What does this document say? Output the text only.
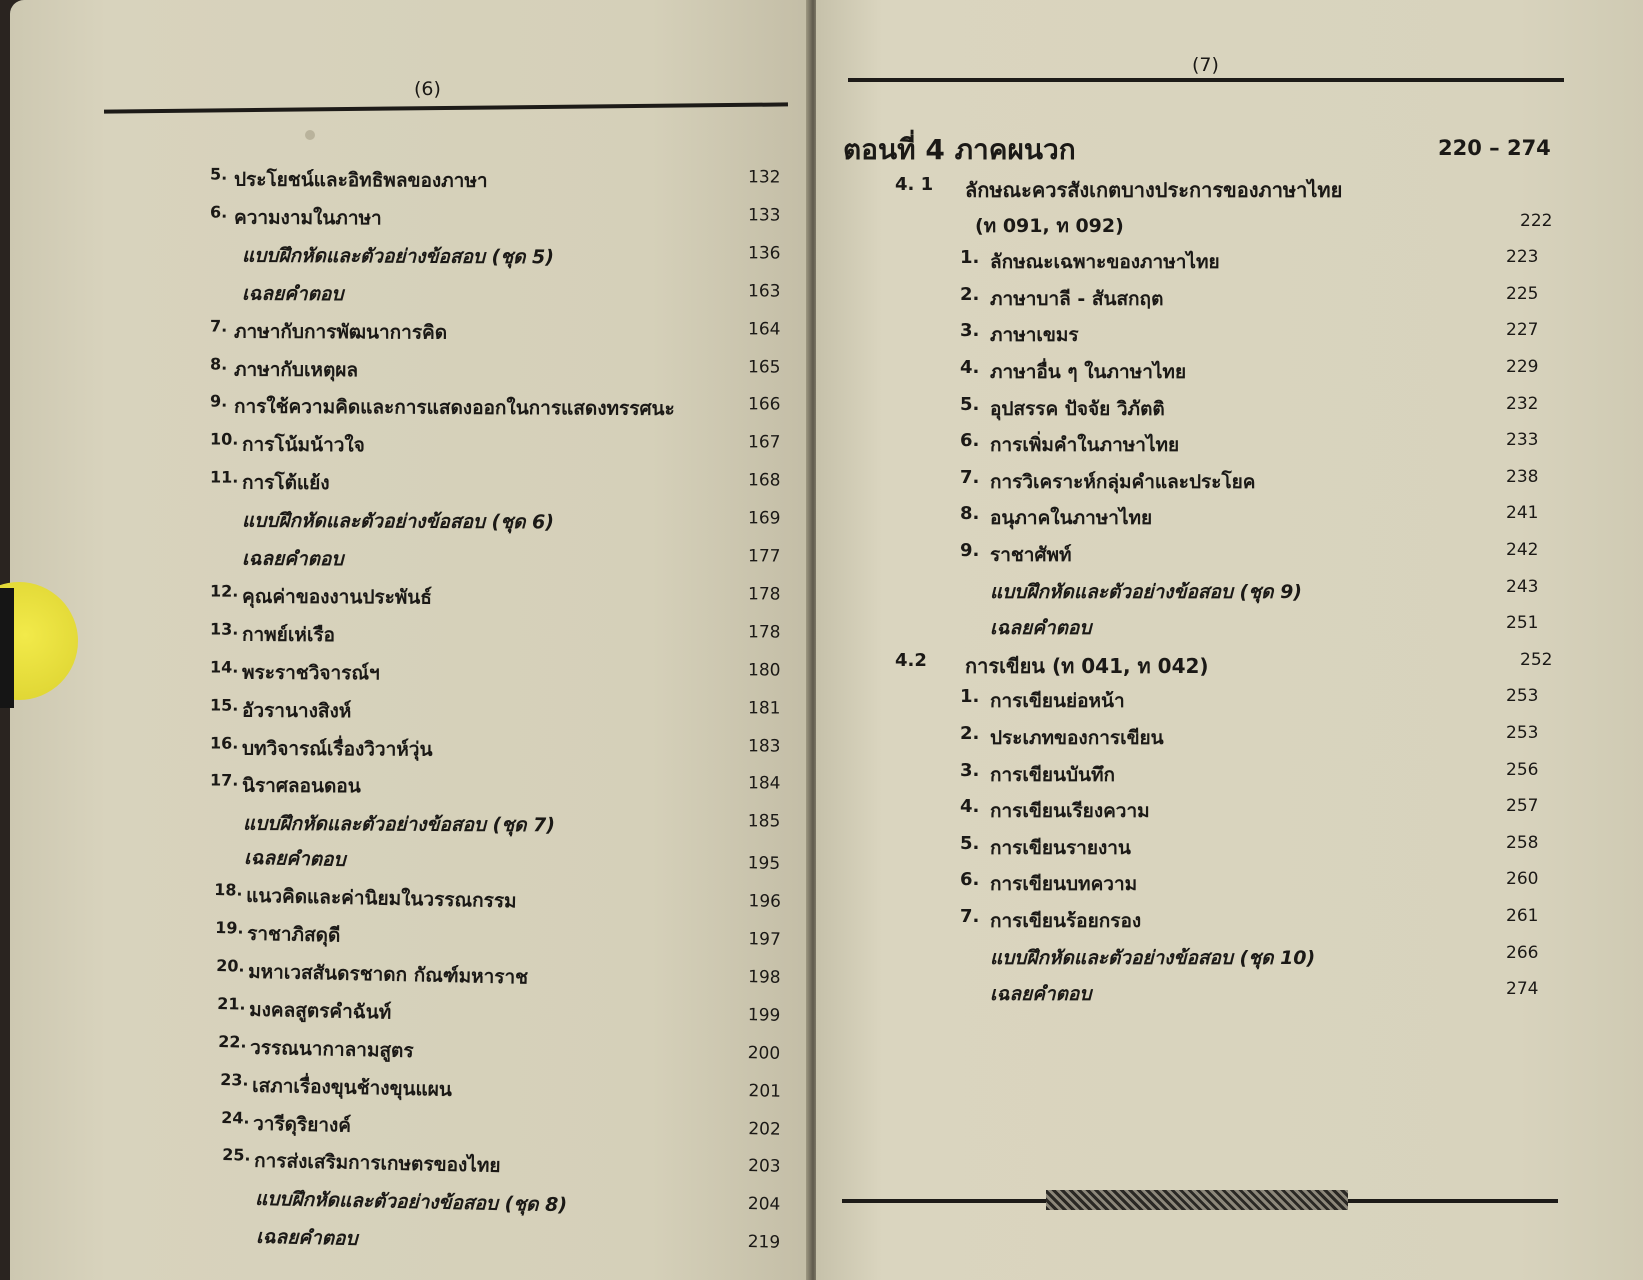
(6)
5. ประโยชน์และอิทธิพลของภาษา	132
6. ความงามในภาษา	133
แบบฝึกหัดและตัวอย่างข้อสอบ (ชุด 5)	136
เฉลยคำตอบ	163
7. ภาษากับการพัฒนาการคิด	164
8. ภาษากับเหตุผล	165
9. การใช้ความคิดและการแสดงออกในการแสดงทรรศนะ	166
10. การโน้มน้าวใจ	167
11. การโต้แย้ง	168
แบบฝึกหัดและตัวอย่างข้อสอบ (ชุด 6)	169
เฉลยคำตอบ	177
12. คุณค่าของงานประพันธ์	178
13. กาพย์เห่เรือ	178
14. พระราชวิจารณ์ฯ	180
15. อัวรานางสิงห์	181
16. บทวิจารณ์เรื่องวิวาห์วุ่น	183
17. นิราศลอนดอน	184
แบบฝึกหัดและตัวอย่างข้อสอบ (ชุด 7)	185
เฉลยคำตอบ	195
18. แนวคิดและค่านิยมในวรรณกรรม	196
19. ราชาภิสดุดี	197
20. มหาเวสสันดรชาดก กัณฑ์มหาราช	198
21. มงคลสูตรคำฉันท์	199
22. วรรณนากาลามสูตร	200
23. เสภาเรื่องขุนช้างขุนแผน	201
24. วารีดุริยางค์	202
25. การส่งเสริมการเกษตรของไทย	203
แบบฝึกหัดและตัวอย่างข้อสอบ (ชุด 8)	204
เฉลยคำตอบ	219
(7)
ตอนที่ 4 ภาคผนวก	220 – 274
4. 1 ลักษณะควรสังเกตบางประการของภาษาไทย
(ท 091, ท 092)	222
1. ลักษณะเฉพาะของภาษาไทย	223
2. ภาษาบาลี - สันสกฤต	225
3. ภาษาเขมร	227
4. ภาษาอื่น ๆ ในภาษาไทย	229
5. อุปสรรค ปัจจัย วิภัตติ	232
6. การเพิ่มคำในภาษาไทย	233
7. การวิเคราะห์กลุ่มคำและประโยค	238
8. อนุภาคในภาษาไทย	241
9. ราชาศัพท์	242
แบบฝึกหัดและตัวอย่างข้อสอบ (ชุด 9)	243
เฉลยคำตอบ	251
4.2 การเขียน (ท 041, ท 042)	252
1. การเขียนย่อหน้า	253
2. ประเภทของการเขียน	253
3. การเขียนบันทึก	256
4. การเขียนเรียงความ	257
5. การเขียนรายงาน	258
6. การเขียนบทความ	260
7. การเขียนร้อยกรอง	261
แบบฝึกหัดและตัวอย่างข้อสอบ (ชุด 10)	266
เฉลยคำตอบ	274
